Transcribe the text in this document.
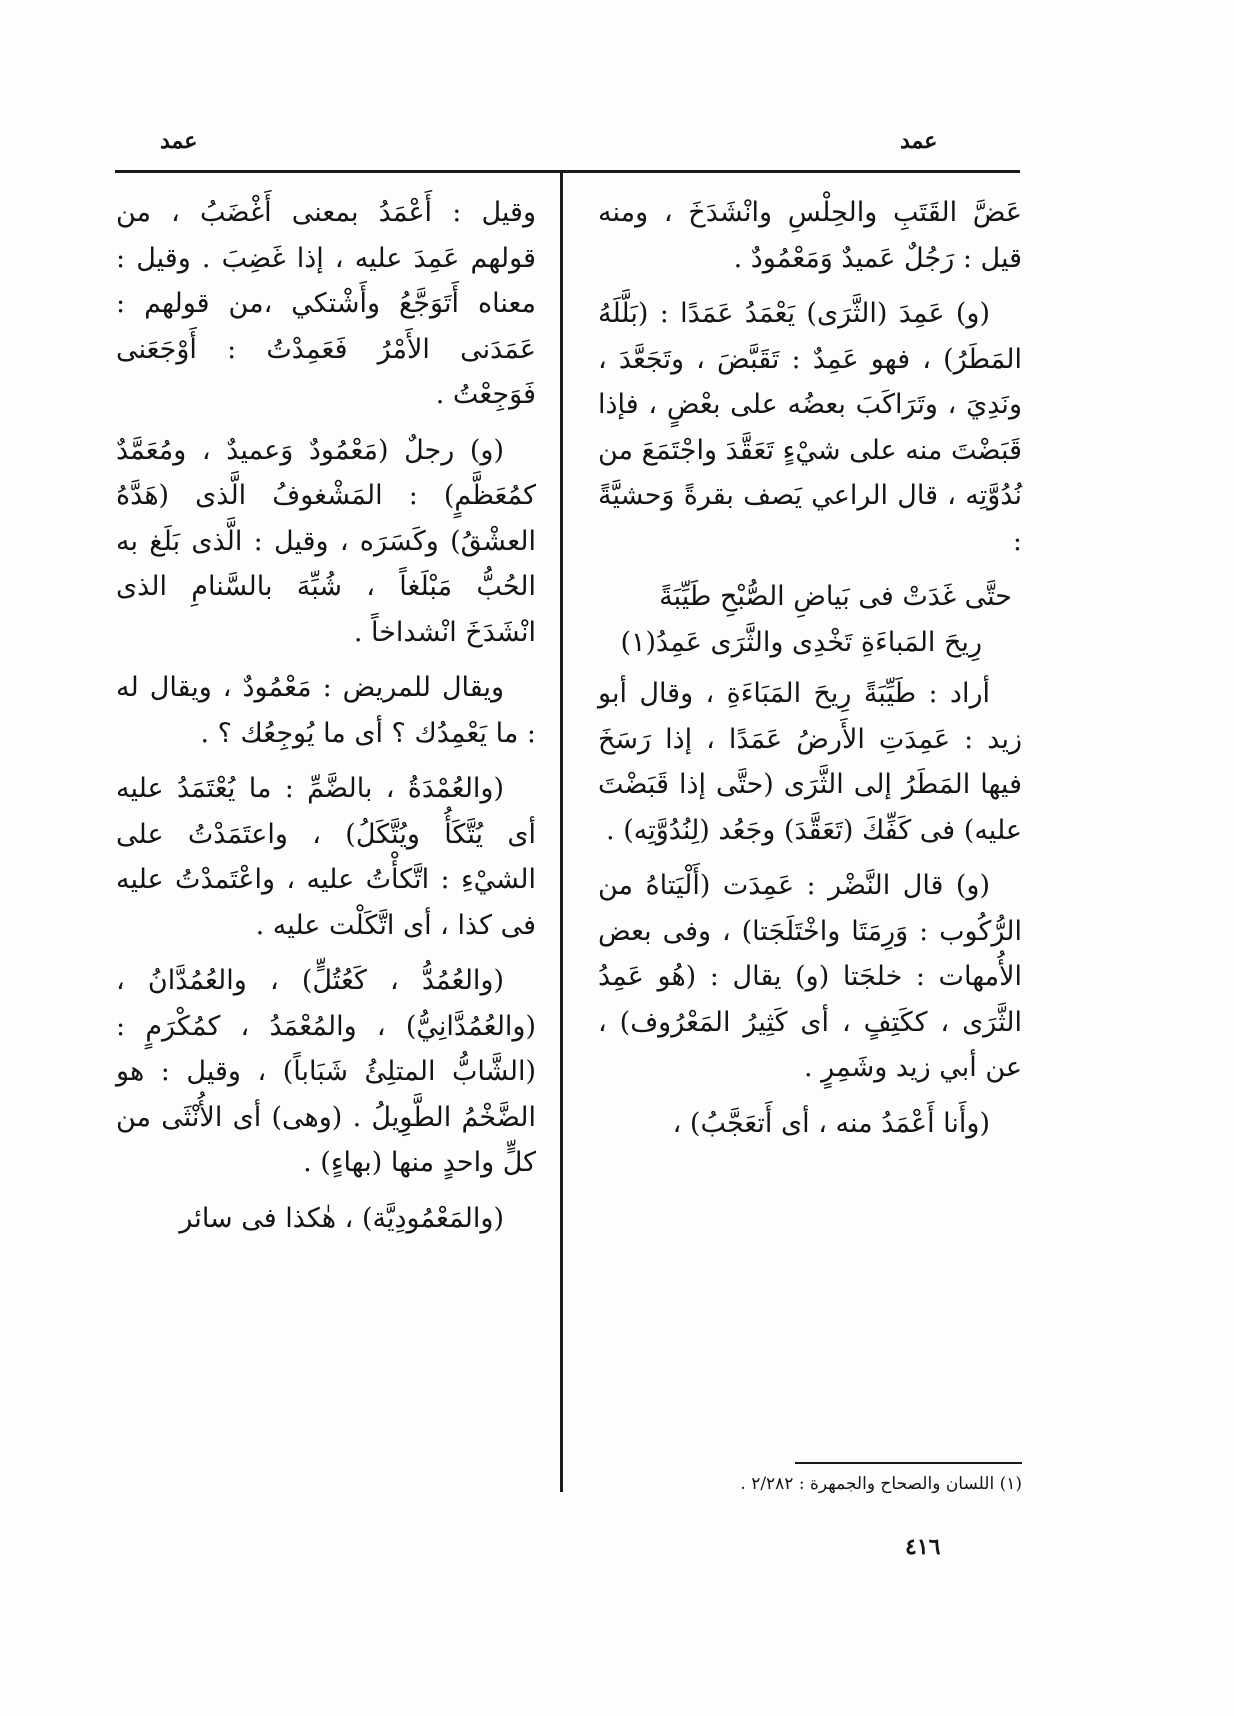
عمد	عمد

عَضَّ القَتَبِ والحِلْسِ وانْشَدَخَ ، ومنه قيل : رَجُلٌ عَميدٌ وَمَعْمُودٌ .

(و) عَمِدَ (الثَّرَى) يَعْمَدُ عَمَدًا : (بَلَّلَهُ المَطَرُ) ، فهو عَمِدٌ : تَقَبَّضَ ، وتَجَعَّدَ ، ونَدِيَ ، وتَرَاكَبَ بعضُه على بعْضٍ ، فإذا قَبَضْتَ منه على شيْءٍ تَعَقَّدَ واجْتَمَعَ من نُدُوَّتِه ، قال الراعي يَصف بقرةً وَحشيَّةً :

حتَّى غَدَتْ فى بَياضِ الصُّبْحِ طَيِّبَةً
رِيحَ المَباءَةِ تَخْدِى والثَّرَى عَمِدُ(١)

أراد : طَيِّبَةً رِيحَ المَبَاءَةِ ، وقال أبو زيد : عَمِدَتِ الأَرضُ عَمَدًا ، إذا رَسَخَ فيها المَطَرُ إلى الثَّرَى (حتَّى إذا قَبَضْتَ عليه) فى كَفِّكَ (تَعَقَّدَ) وجَعُد (لِنُدُوَّتِه) .

(و) قال النَّضْر : عَمِدَت (أَلْيَتاهُ من الرُّكُوب : وَرِمَتَا واخْتَلَجَتا) ، وفى بعض الأُمهات : خلجَتا (و) يقال : (هُو عَمِدُ الثَّرَى ، ككَتِفٍ ، أى كَثِيرُ المَعْرُوف) ، عن أبي زيد وشَمِرٍ .

(وأَنا أَعْمَدُ منه ، أى أَتعَجَّبُ) ،

وقيل : أَعْمَدُ بمعنى أَغْضَبُ ، من قولهم عَمِدَ عليه ، إذا غَضِبَ . وقيل : معناه أَتَوَجَّعُ وأَشْتكي ،من قولهم : عَمَدَنى الأَمْرُ فَعَمِدْتُ : أَوْجَعَنى فَوَجِعْتُ .

(و) رجلٌ (مَعْمُودٌ وَعميدٌ ، ومُعَمَّدٌ كمُعَظَّمٍ) : المَشْغوفُ الَّذى (هَدَّهُ العشْقُ) وكَسَرَه ، وقيل : الَّذى بَلَغ به الحُبُّ مَبْلَغاً ، شُبِّهَ بالسَّنامِ الذى انْشَدَخَ انْشداخاً .

ويقال للمريض : مَعْمُودٌ ، ويقال له : ما يَعْمِدُك ؟ أى ما يُوجِعُك ؟ .

(والعُمْدَةُ ، بالضَّمِّ : ما يُعْتَمَدُ عليه أى يُتَّكَأُ ويُتَّكَلُ) ، واعتَمَدْتُ على الشيْءِ : اتَّكأْتُ عليه ، واعْتَمدْتُ عليه فى كذا ، أى اتَّكَلْت عليه .

(والعُمُدُّ ، كَعُتُلٍّ) ، والعُمُدَّانُ ، (والعُمُدَّانِيُّ) ، والمُعْمَدُ ، كمُكْرَمٍ : (الشَّابُّ المتلِئُ شَبَاباً) ، وقيل : هو الضَّخْمُ الطَّوِيلُ . (وهى) أى الأُنْثَى من كلٍّ واحدٍ منها (بهاءٍ) .

(والمَعْمُودِيَّة) ، هٰكذا فى سائر

(١) اللسان والصحاح والجمهرة : ٢/٢٨٢ .
٤١٦
